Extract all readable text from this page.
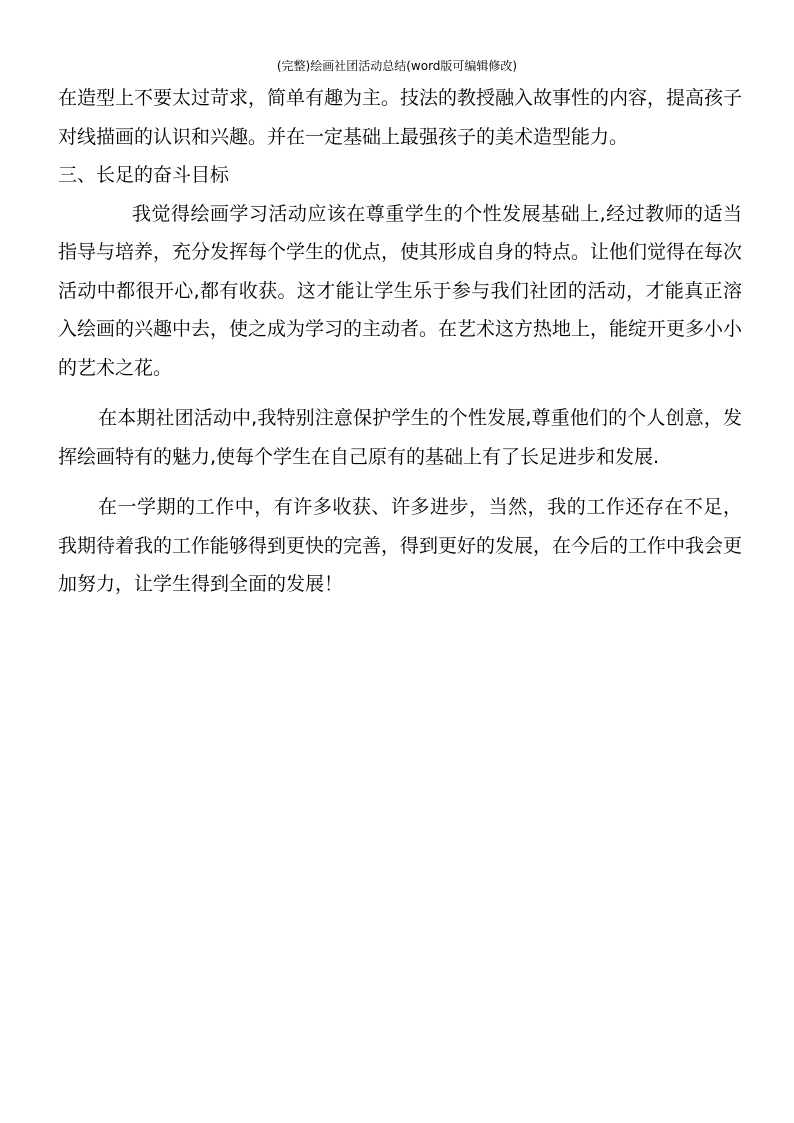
(完整)绘画社团活动总结(word版可编辑修改)

在造型上不要太过苛求，简单有趣为主。技法的教授融入故事性的内容，提高孩子对线描画的认识和兴趣。并在一定基础上最强孩子的美术造型能力。

三、长足的奋斗目标

我觉得绘画学习活动应该在尊重学生的个性发展基础上,经过教师的适当指导与培养，充分发挥每个学生的优点，使其形成自身的特点。让他们觉得在每次活动中都很开心,都有收获。这才能让学生乐于参与我们社团的活动，才能真正溶入绘画的兴趣中去，使之成为学习的主动者。在艺术这方热地上，能绽开更多小小的艺术之花。

在本期社团活动中,我特别注意保护学生的个性发展,尊重他们的个人创意，发挥绘画特有的魅力,使每个学生在自己原有的基础上有了长足进步和发展.

在一学期的工作中，有许多收获、许多进步，当然，我的工作还存在不足，我期待着我的工作能够得到更快的完善，得到更好的发展，在今后的工作中我会更加努力，让学生得到全面的发展！
